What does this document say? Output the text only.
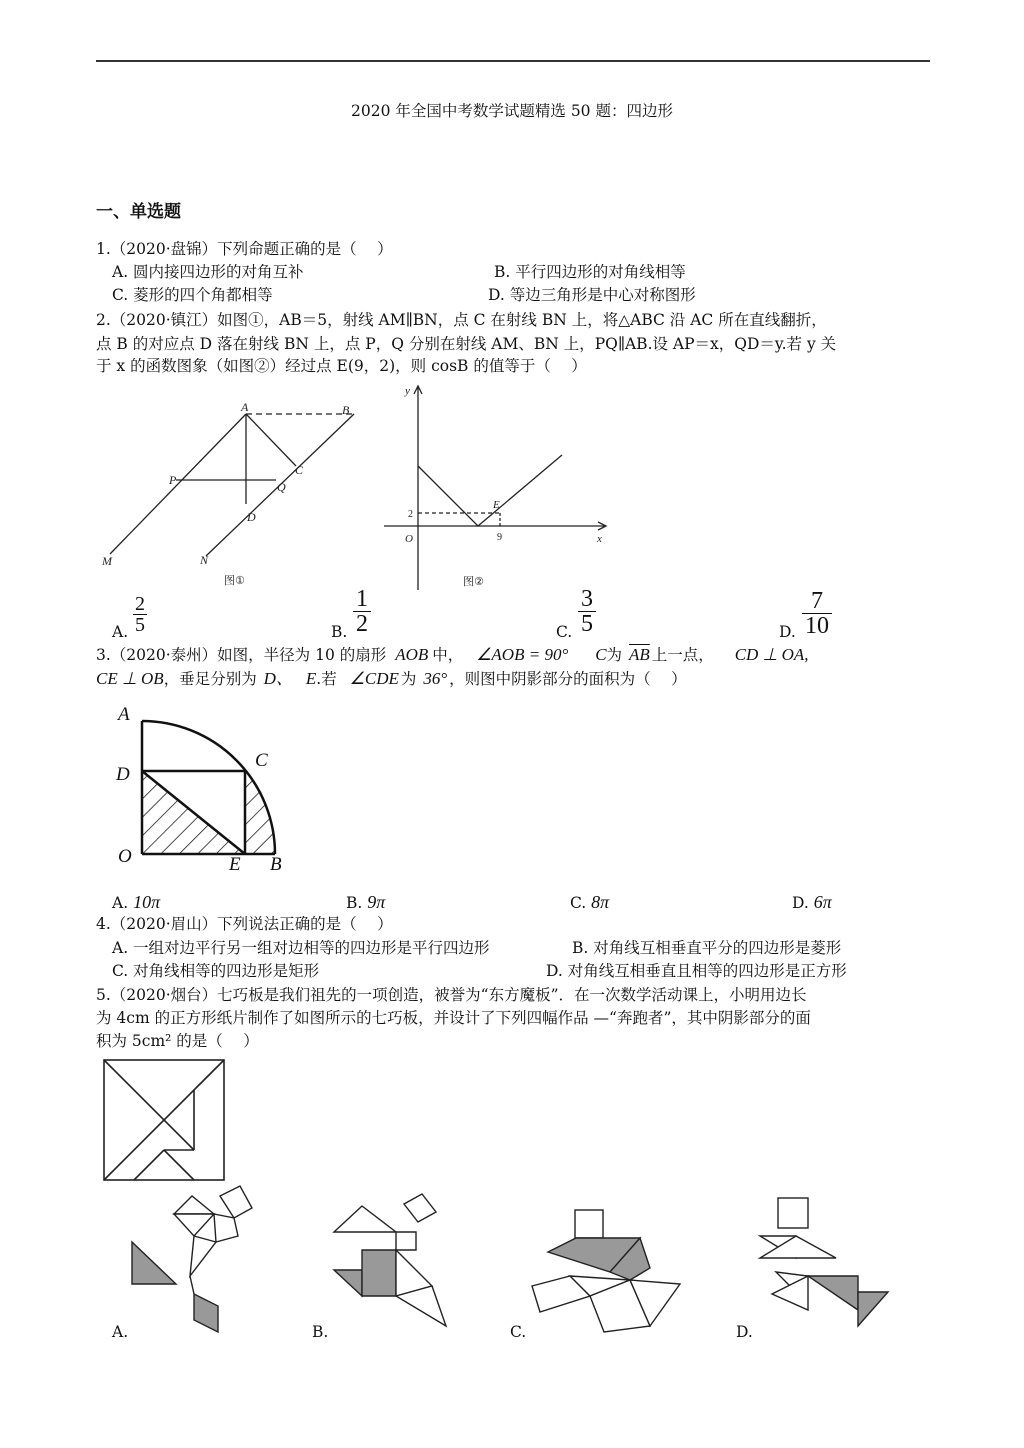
2020 年全国中考数学试题精选 50 题：四边形
一、单选题
1.（2020·盘锦）下列命题正确的是（　 ）
A. 圆内接四边形的对角互补	B. 平行四边形的对角线相等
C. 菱形的四个角都相等	D. 等边三角形是中心对称图形
2.（2020·镇江）如图①，AB＝5，射线 AM∥BN，点 C 在射线 BN 上，将△ABC 沿 AC 所在直线翻折，
点 B 的对应点 D 落在射线 BN 上，点 P，Q 分别在射线 AM、BN 上，PQ∥AB.设 AP＝x，QD＝y.若 y 关
于 x 的函数图象（如图②）经过点 E(9，2)，则 cosB 的值等于（　 ）
A	B
C
P	Q
D
M	N
图①
y
x
O
E
2
9
图②
A.
2
5	B.
1
2	C.
3
5	D.
7
10
3.（2020·泰州）如图，半径为 10 的扇形 AOB 中， ∠AOB = 90° C为 $\overline{AB}$ 上一点， CD ⊥ OA,
CE ⊥ OB，垂足分别为 D、 E.若 ∠CDE 为 36° ，则图中阴影部分的面积为（　 ）
A
C
D
O	E B
A. 10π	B. 9π	C. 8π	D. 6π
4.（2020·眉山）下列说法正确的是（　 ）
A. 一组对边平行另一组对边相等的四边形是平行四边形	B. 对角线互相垂直平分的四边形是菱形
C. 对角线相等的四边形是矩形	D. 对角线互相垂直且相等的四边形是正方形
5.（2020·烟台）七巧板是我们祖先的一项创造，被誉为“东方魔板”．在一次数学活动课上，小明用边长
为 4cm 的正方形纸片制作了如图所示的七巧板，并设计了下列四幅作品 —“奔跑者”，其中阴影部分的面
积为 5cm² 的是（　 ）
A.	B.	C.	D.
